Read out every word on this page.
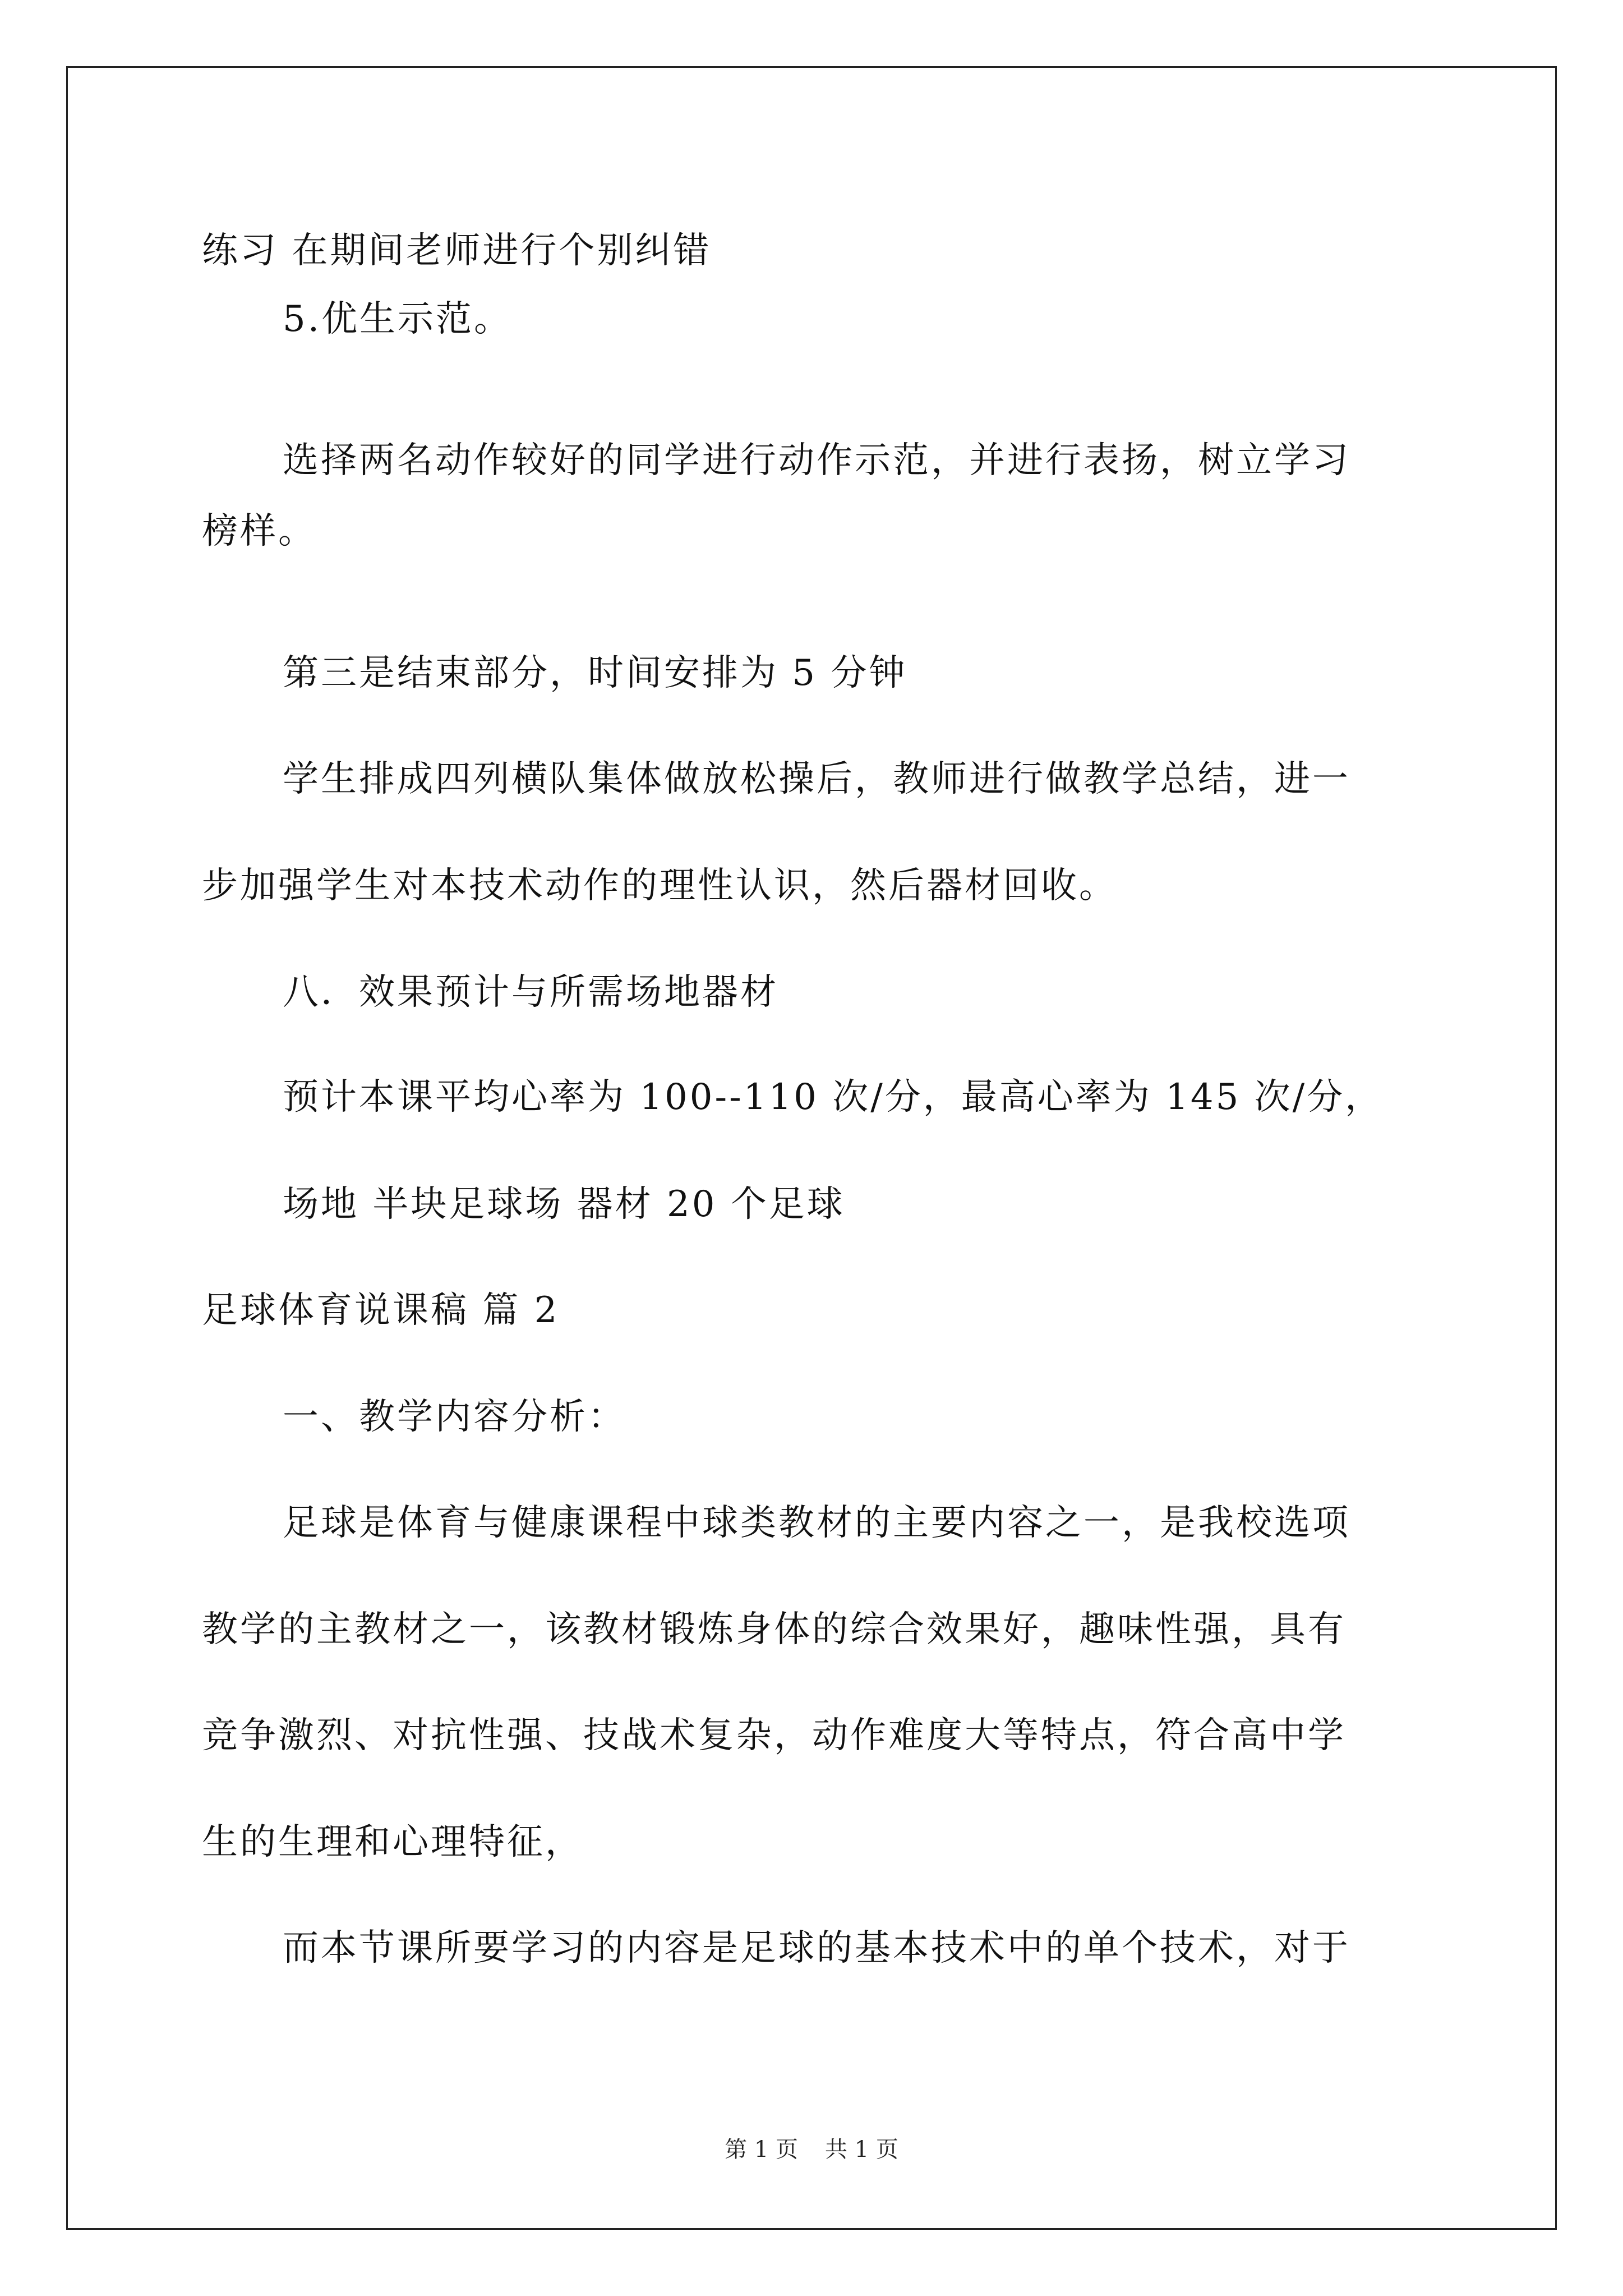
练习 在期间老师进行个别纠错
5.优生示范。
选择两名动作较好的同学进行动作示范，并进行表扬，树立学习
榜样。
第三是结束部分，时间安排为 5 分钟
学生排成四列横队集体做放松操后，教师进行做教学总结，进一
步加强学生对本技术动作的理性认识，然后器材回收。
八．效果预计与所需场地器材
预计本课平均心率为 100--110 次/分，最高心率为 145 次/分，
场地 半块足球场 器材 20 个足球
足球体育说课稿 篇 2
一、教学内容分析：
足球是体育与健康课程中球类教材的主要内容之一，是我校选项
教学的主教材之一，该教材锻炼身体的综合效果好，趣味性强，具有
竞争激烈、对抗性强、技战术复杂，动作难度大等特点，符合高中学
生的生理和心理特征，
而本节课所要学习的内容是足球的基本技术中的单个技术，对于
第 1 页 共 1 页
